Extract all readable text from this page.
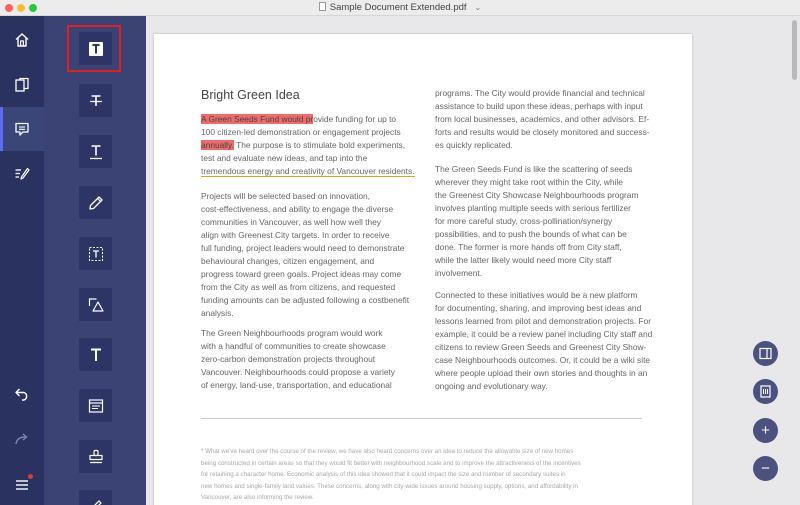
Sample Document Extended.pdf ⌄
Bright Green Idea
A Green Seeds Fund would provide funding for up to
100 citizen-led demonstration or engagement projects
annually. The purpose is to stimulate bold experiments,
test and evaluate new ideas, and tap into the
tremendous energy and creativity of Vancouver residents.
Projects will be selected based on innovation,
cost-effectiveness, and ability to engage the diverse
communities in Vancouver, as well how well they
align with Greenest City targets. In order to receive
full funding, project leaders would need to demonstrate
behavioural changes, citizen engagement, and
progress toward green goals. Project ideas may come
from the City as well as from citizens, and requested
funding amounts can be adjusted following a costbenefit
analysis.
The Green Neighbourhoods program would work
with a handful of communities to create showcase
zero-carbon demonstration projects throughout
Vancouver. Neighbourhoods could propose a variety
of energy, land-use, transportation, and educational
programs. The City would provide financial and technical
assistance to build upon these ideas, perhaps with input
from local businesses, academics, and other advisors. Ef-
forts and results would be closely monitored and success-
es quickly replicated.
The Green Seeds Fund is like the scattering of seeds
wherever they might take root within the City, while
the Greenest City Showcase Neighbourhoods program
involves planting multiple seeds with serious fertilizer
for more careful study, cross-pollination/synergy
possibilities, and to push the bounds of what can be
done. The former is more hands off from City staff,
while the latter likely would need more City staff
involvement.
Connected to these initiatives would be a new platform
for documenting, sharing, and improving best ideas and
lessons learned from pilot and demonstration projects. For
example, it could be a review panel including City staff and
citizens to review Green Seeds and Greenest City Show-
case Neighbourhoods outcomes. Or, it could be a wiki site
where people upload their own stories and thoughts in an
ongoing and evolutionary way.
* What we've heard over the course of the review, we have also heard concerns over an idea to reduce the allowable size of new homes
being constructed in certain areas so that they would fit better with neighbourhood scale and to improve the attractiveness of the incentives
for retaining a character home. Economic analysis of this idea showed that it could impact the size and number of secondary suites in
new homes and single-family land values. These concerns, along with city-wide issues around housing supply, options, and affordability in
Vancouver, are also informing the review.
+
−
